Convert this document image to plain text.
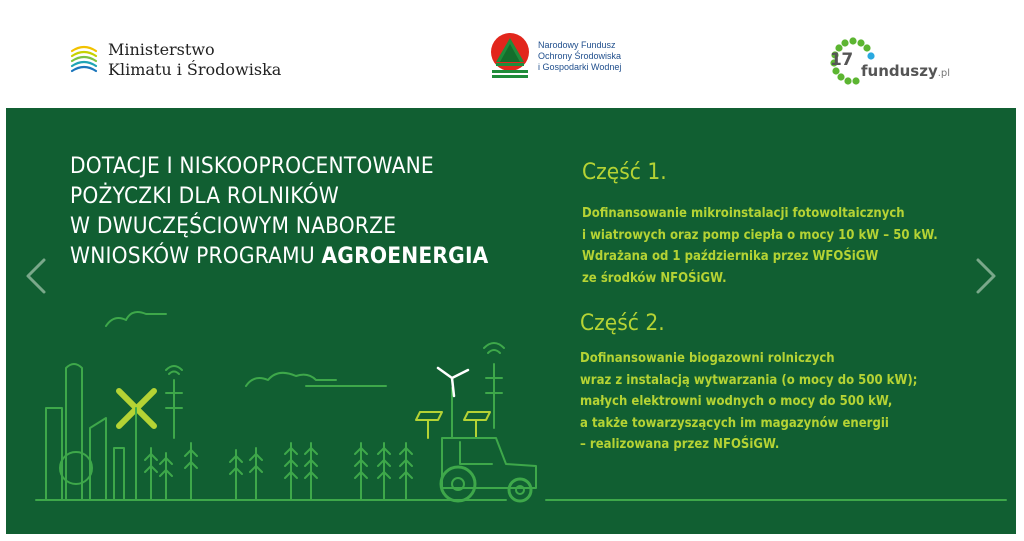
Ministerstwo
Klimatu i Środowiska
Narodowy Fundusz
Ochrony Środowiska
i Gospodarki Wodnej	17
funduszy.pl
DOTACJE I NISKOOPROCENTOWANE
POŻYCZKI DLA ROLNIKÓW
W DWUCZĘŚCIOWYM NABORZE
WNIOSKÓW PROGRAMU AGROENERGIA
Część 1.
Dofinansowanie mikroinstalacji fotowoltaicznych
i wiatrowych oraz pomp ciepła o mocy 10 kW – 50 kW.
Wdrażana od 1 października przez WFOŚiGW
ze środków NFOŚiGW.
Część 2.
Dofinansowanie biogazowni rolniczych
wraz z instalacją wytwarzania (o mocy do 500 kW);
małych elektrowni wodnych o mocy do 500 kW,
a także towarzyszących im magazynów energii
– realizowana przez NFOŚiGW.
